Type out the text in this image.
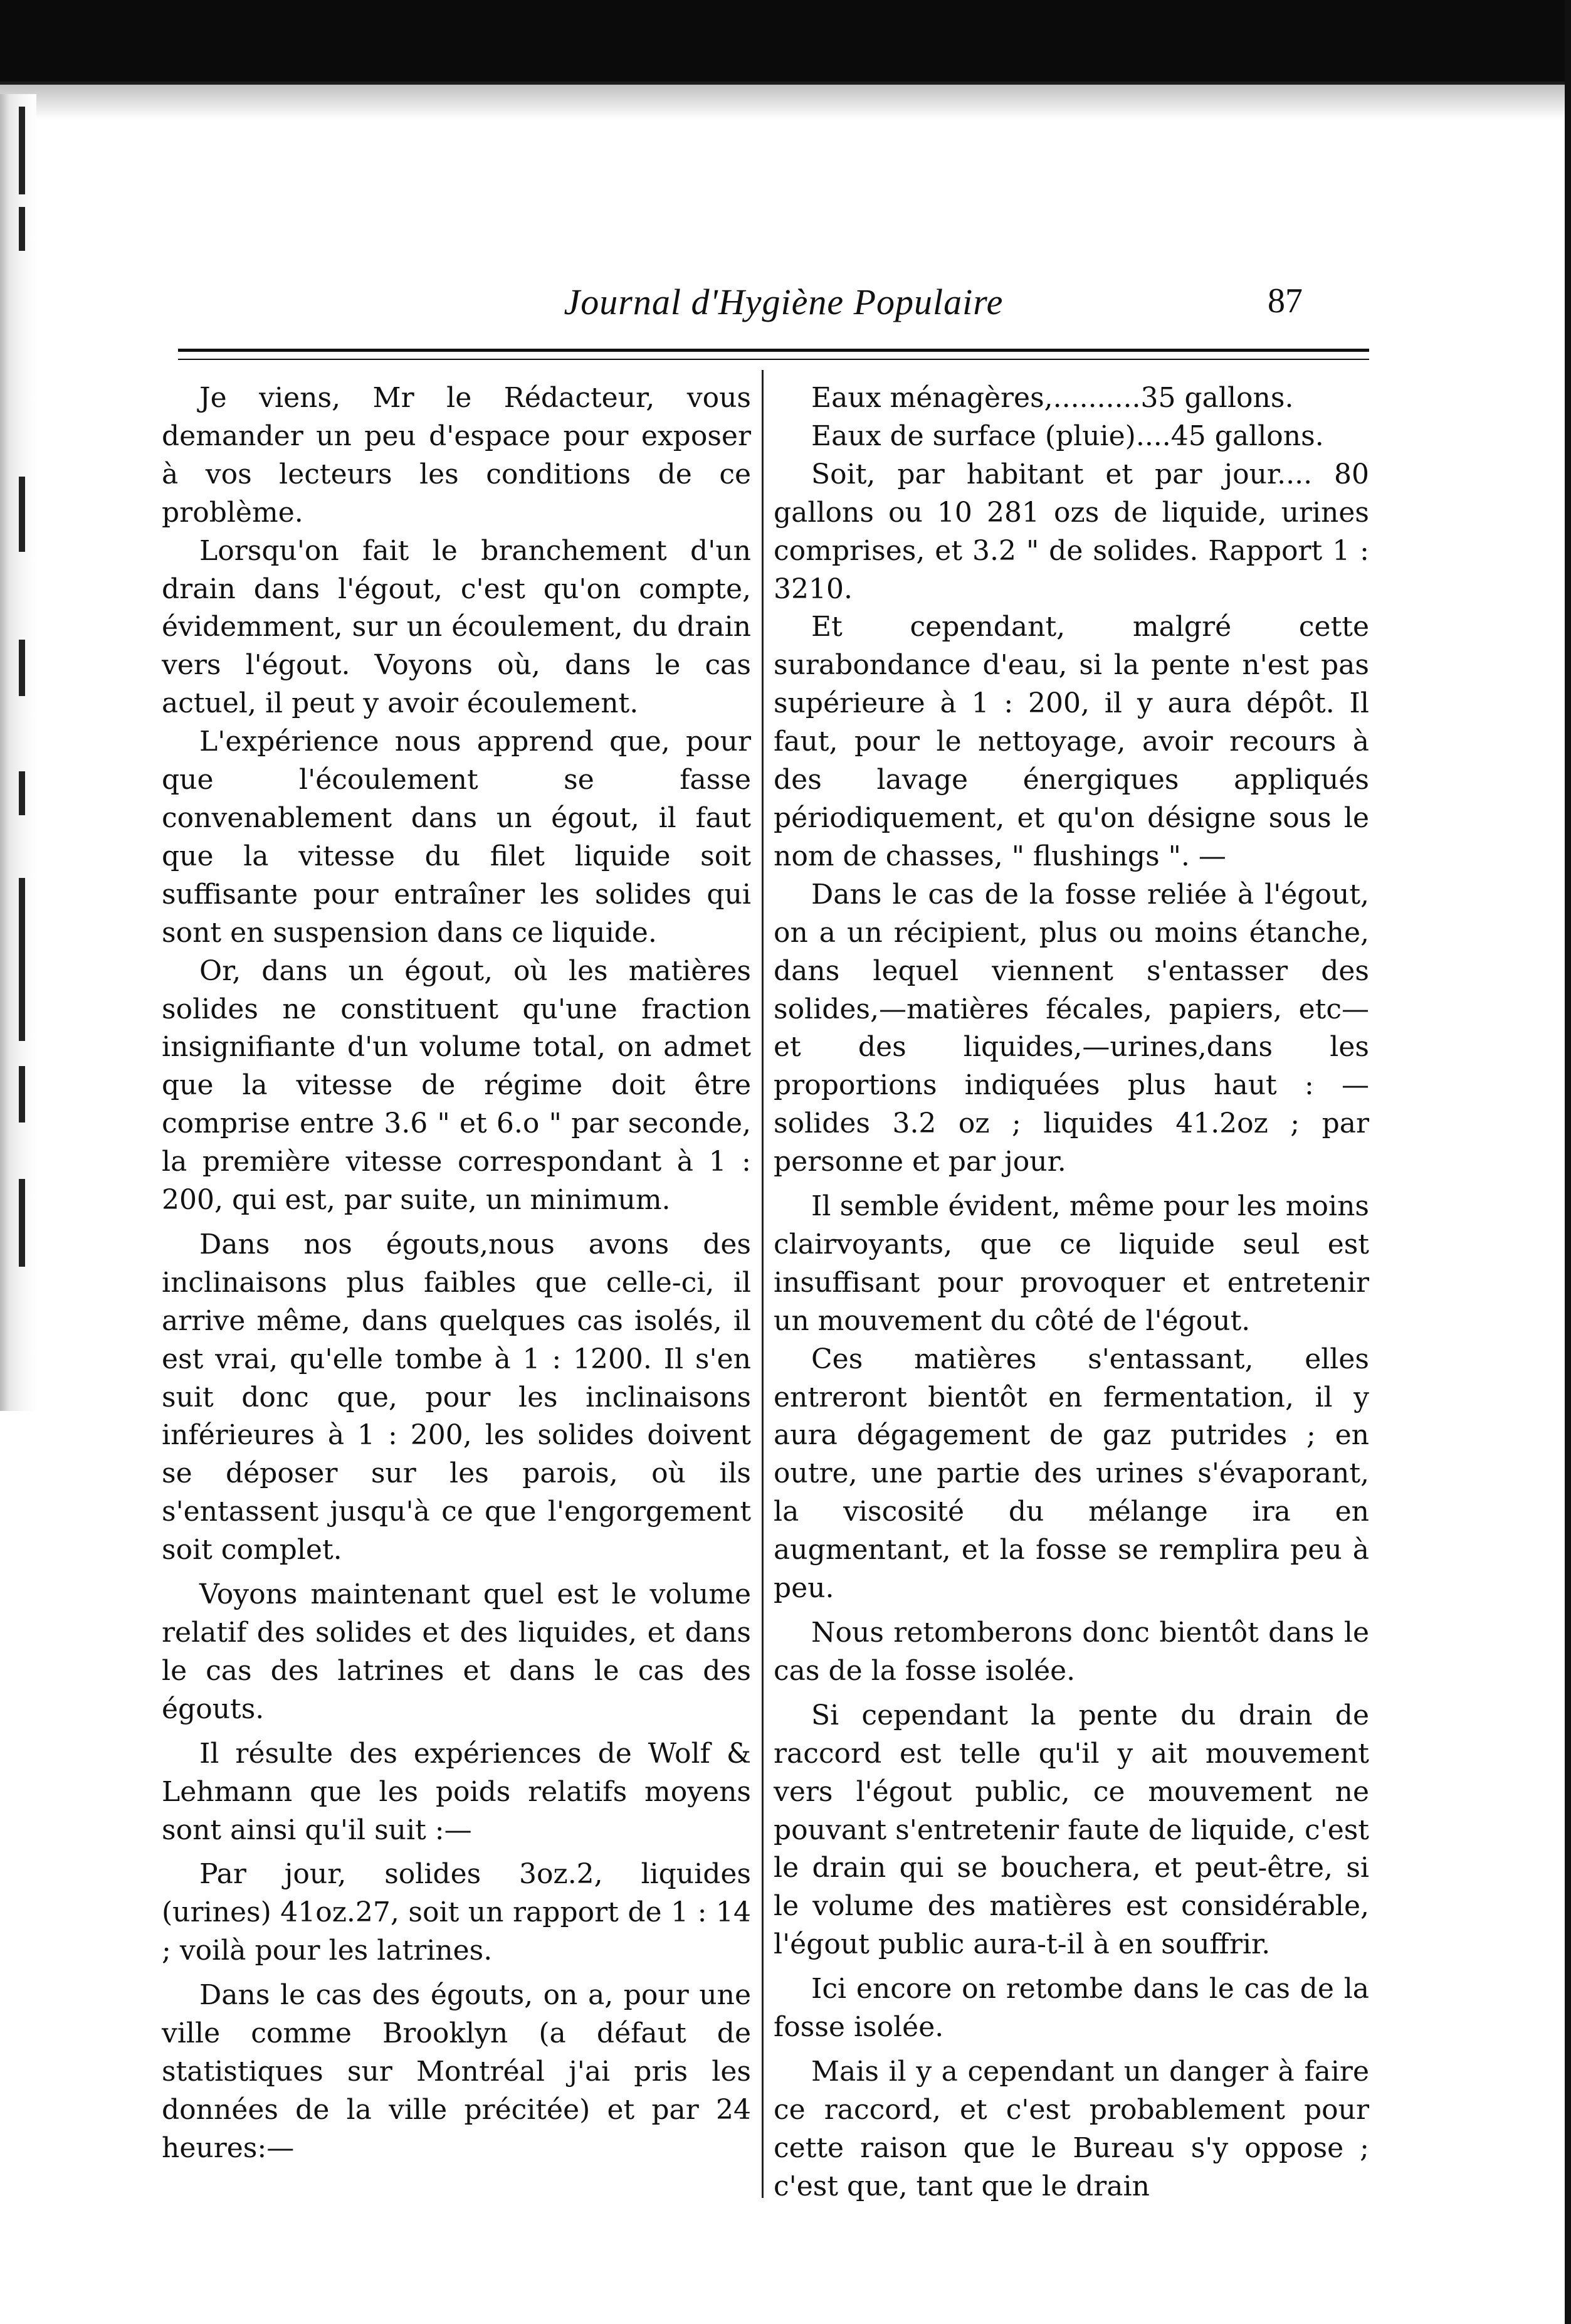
Journal d'Hygiène Populaire	87

Je viens, Mr le Rédacteur, vous demander un peu d'espace pour exposer à vos lecteurs les conditions de ce problème.

Lorsqu'on fait le branchement d'un drain dans l'égout, c'est qu'on compte, évidemment, sur un écoulement, du drain vers l'égout. Voyons où, dans le cas actuel, il peut y avoir écoulement.

L'expérience nous apprend que, pour que l'écoulement se fasse convenablement dans un égout, il faut que la vitesse du filet liquide soit suffisante pour entraîner les solides qui sont en suspension dans ce liquide.

Or, dans un égout, où les matières solides ne constituent qu'une fraction insignifiante d'un volume total, on admet que la vitesse de régime doit être comprise entre 3.6 " et 6.o " par seconde, la première vitesse correspondant à 1 : 200, qui est, par suite, un minimum.

Dans nos égouts,nous avons des inclinaisons plus faibles que celle-ci, il arrive même, dans quelques cas isolés, il est vrai, qu'elle tombe à 1 : 1200. Il s'en suit donc que, pour les inclinaisons inférieures à 1 : 200, les solides doivent se déposer sur les parois, où ils s'entassent jusqu'à ce que l'engorgement soit complet.

Voyons maintenant quel est le volume relatif des solides et des liquides, et dans le cas des latrines et dans le cas des égouts.

Il résulte des expériences de Wolf & Lehmann que les poids relatifs moyens sont ainsi qu'il suit :—

Par jour, solides 3oz.2, liquides (urines) 41oz.27, soit un rapport de 1 : 14 ; voilà pour les latrines.

Dans le cas des égouts, on a, pour une ville comme Brooklyn (a défaut de statistiques sur Montréal j'ai pris les données de la ville précitée) et par 24 heures:—

Eaux ménagères,..........35 gallons.

Eaux de surface (pluie)....45 gallons.

Soit, par habitant et par jour.... 80 gallons ou 10 281 ozs de liquide, urines comprises, et 3.2 " de solides. Rapport 1 : 3210.

Et cependant, malgré cette surabondance d'eau, si la pente n'est pas supérieure à 1 : 200, il y aura dépôt. Il faut, pour le nettoyage, avoir recours à des lavage énergiques appliqués périodiquement, et qu'on désigne sous le nom de chasses, " flushings ". —

Dans le cas de la fosse reliée à l'égout, on a un récipient, plus ou moins étanche, dans lequel viennent s'entasser des solides,—matières fécales, papiers, etc— et des liquides,—urines,dans les proportions indiquées plus haut : — solides 3.2 oz ; liquides 41.2oz ; par personne et par jour.

Il semble évident, même pour les moins clairvoyants, que ce liquide seul est insuffisant pour provoquer et entretenir un mouvement du côté de l'égout.

Ces matières s'entassant, elles entreront bientôt en fermentation, il y aura dégagement de gaz putrides ; en outre, une partie des urines s'évaporant, la viscosité du mélange ira en augmentant, et la fosse se remplira peu à peu.

Nous retomberons donc bientôt dans le cas de la fosse isolée.

Si cependant la pente du drain de raccord est telle qu'il y ait mouvement vers l'égout public, ce mouvement ne pouvant s'entretenir faute de liquide, c'est le drain qui se bouchera, et peut-être, si le volume des matières est considérable, l'égout public aura-t-il à en souffrir.

Ici encore on retombe dans le cas de la fosse isolée.

Mais il y a cependant un danger à faire ce raccord, et c'est probablement pour cette raison que le Bureau s'y oppose ; c'est que, tant que le drain
